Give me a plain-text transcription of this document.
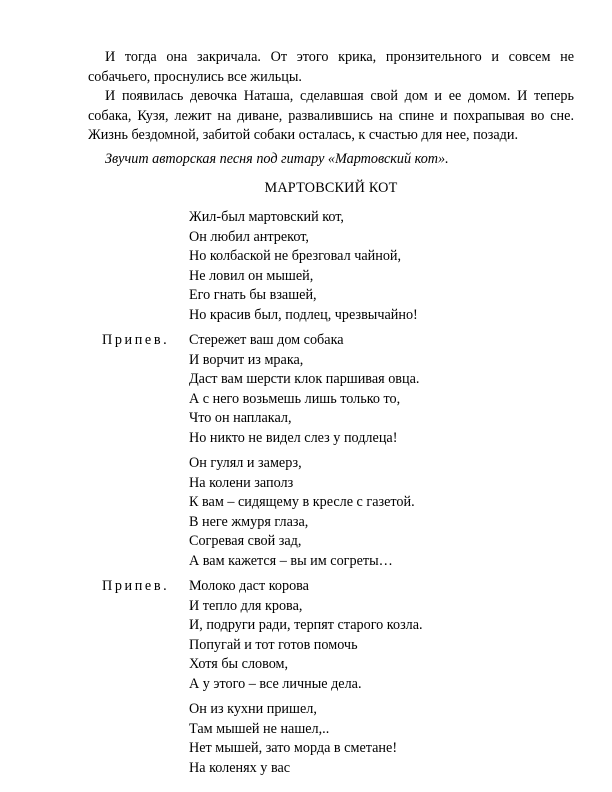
И тогда она закричала. От этого крика, пронзительного и совсем не собачьего, проснулись все жильцы.

И появилась девочка Наташа, сделавшая свой дом и ее домом. И теперь собака, Кузя, лежит на диване, развалившись на спине и похрапывая во сне. Жизнь бездомной, забитой собаки осталась, к счастью для нее, позади.

Звучит авторская песня под гитару «Мартовский кот».

МАРТОВСКИЙ КОТ
Жил-был мартовский кот,
Он любил антрекот,
Но колбаской не брезговал чайной,
Не ловил он мышей,
Его гнать бы взашей,
Но красив был, подлец, чрезвычайно!
Припев. Стережет ваш дом собака
И ворчит из мрака,
Даст вам шерсти клок паршивая овца.
А с него возьмешь лишь только то,
Что он наплакал,
Но никто не видел слез у подлеца!
Он гулял и замерз,
На колени заполз
К вам – сидящему в кресле с газетой.
В неге жмуря глаза,
Согревая свой зад,
А вам кажется – вы им согреты…
Припев. Молоко даст корова
И тепло для крова,
И, подруги ради, терпят старого козла.
Попугай и тот готов помочь
Хотя бы словом,
А у этого – все личные дела.
Он из кухни пришел,
Там мышей не нашел,..
Нет мышей, зато морда в сметане!
На коленях у вас
